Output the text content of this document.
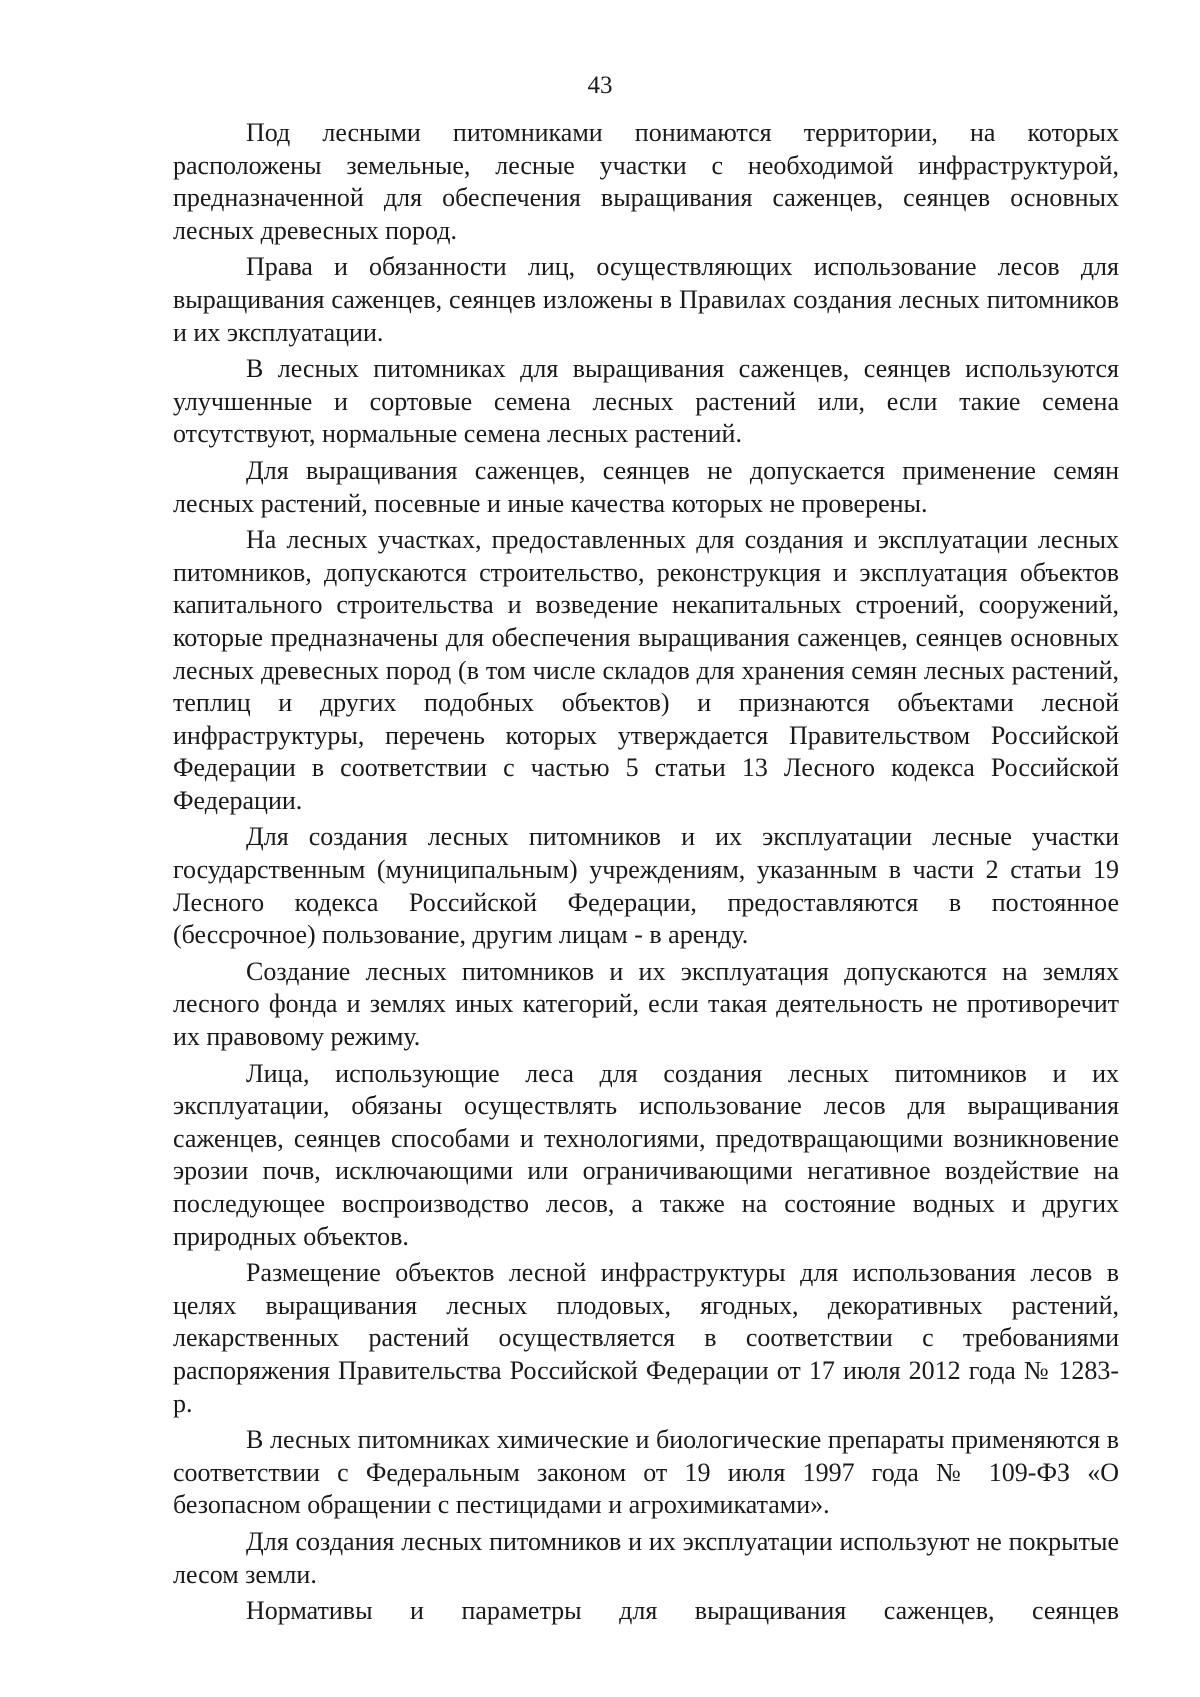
43

Под лесными питомниками понимаются территории, на которых расположены земельные, лесные участки с необходимой инфраструктурой, предназначенной для обеспечения выращивания саженцев, сеянцев основных лесных древесных пород.

Права и обязанности лиц, осуществляющих использование лесов для выращивания саженцев, сеянцев изложены в Правилах создания лесных питомников и их эксплуатации.

В лесных питомниках для выращивания саженцев, сеянцев используются улучшенные и сортовые семена лесных растений или, если такие семена отсутствуют, нормальные семена лесных растений.

Для выращивания саженцев, сеянцев не допускается применение семян лесных растений, посевные и иные качества которых не проверены.

На лесных участках, предоставленных для создания и эксплуатации лесных питомников, допускаются строительство, реконструкция и эксплуатация объектов капитального строительства и возведение некапитальных строений, сооружений, которые предназначены для обеспечения выращивания саженцев, сеянцев основных лесных древесных пород (в том числе складов для хранения семян лесных растений, теплиц и других подобных объектов) и признаются объектами лесной инфраструктуры, перечень которых утверждается Правительством Российской Федерации в соответствии с частью 5 статьи 13 Лесного кодекса Российской Федерации.

Для создания лесных питомников и их эксплуатации лесные участки государственным (муниципальным) учреждениям, указанным в части 2 статьи 19 Лесного кодекса Российской Федерации, предоставляются в постоянное (бессрочное) пользование, другим лицам - в аренду.

Создание лесных питомников и их эксплуатация допускаются на землях лесного фонда и землях иных категорий, если такая деятельность не противоречит их правовому режиму.

Лица, использующие леса для создания лесных питомников и их эксплуатации, обязаны осуществлять использование лесов для выращивания саженцев, сеянцев способами и технологиями, предотвращающими возникновение эрозии почв, исключающими или ограничивающими негативное воздействие на последующее воспроизводство лесов, а также на состояние водных и других природных объектов.

Размещение объектов лесной инфраструктуры для использования лесов в целях выращивания лесных плодовых, ягодных, декоративных растений, лекарственных растений осуществляется в соответствии с требованиями распоряжения Правительства Российской Федерации от 17 июля 2012 года № 1283-р.

В лесных питомниках химические и биологические препараты применяются в соответствии с Федеральным законом от 19 июля 1997 года № 109-ФЗ «О безопасном обращении с пестицидами и агрохимикатами».

Для создания лесных питомников и их эксплуатации используют не покрытые лесом земли.

Нормативы и параметры для выращивания саженцев, сеянцев
